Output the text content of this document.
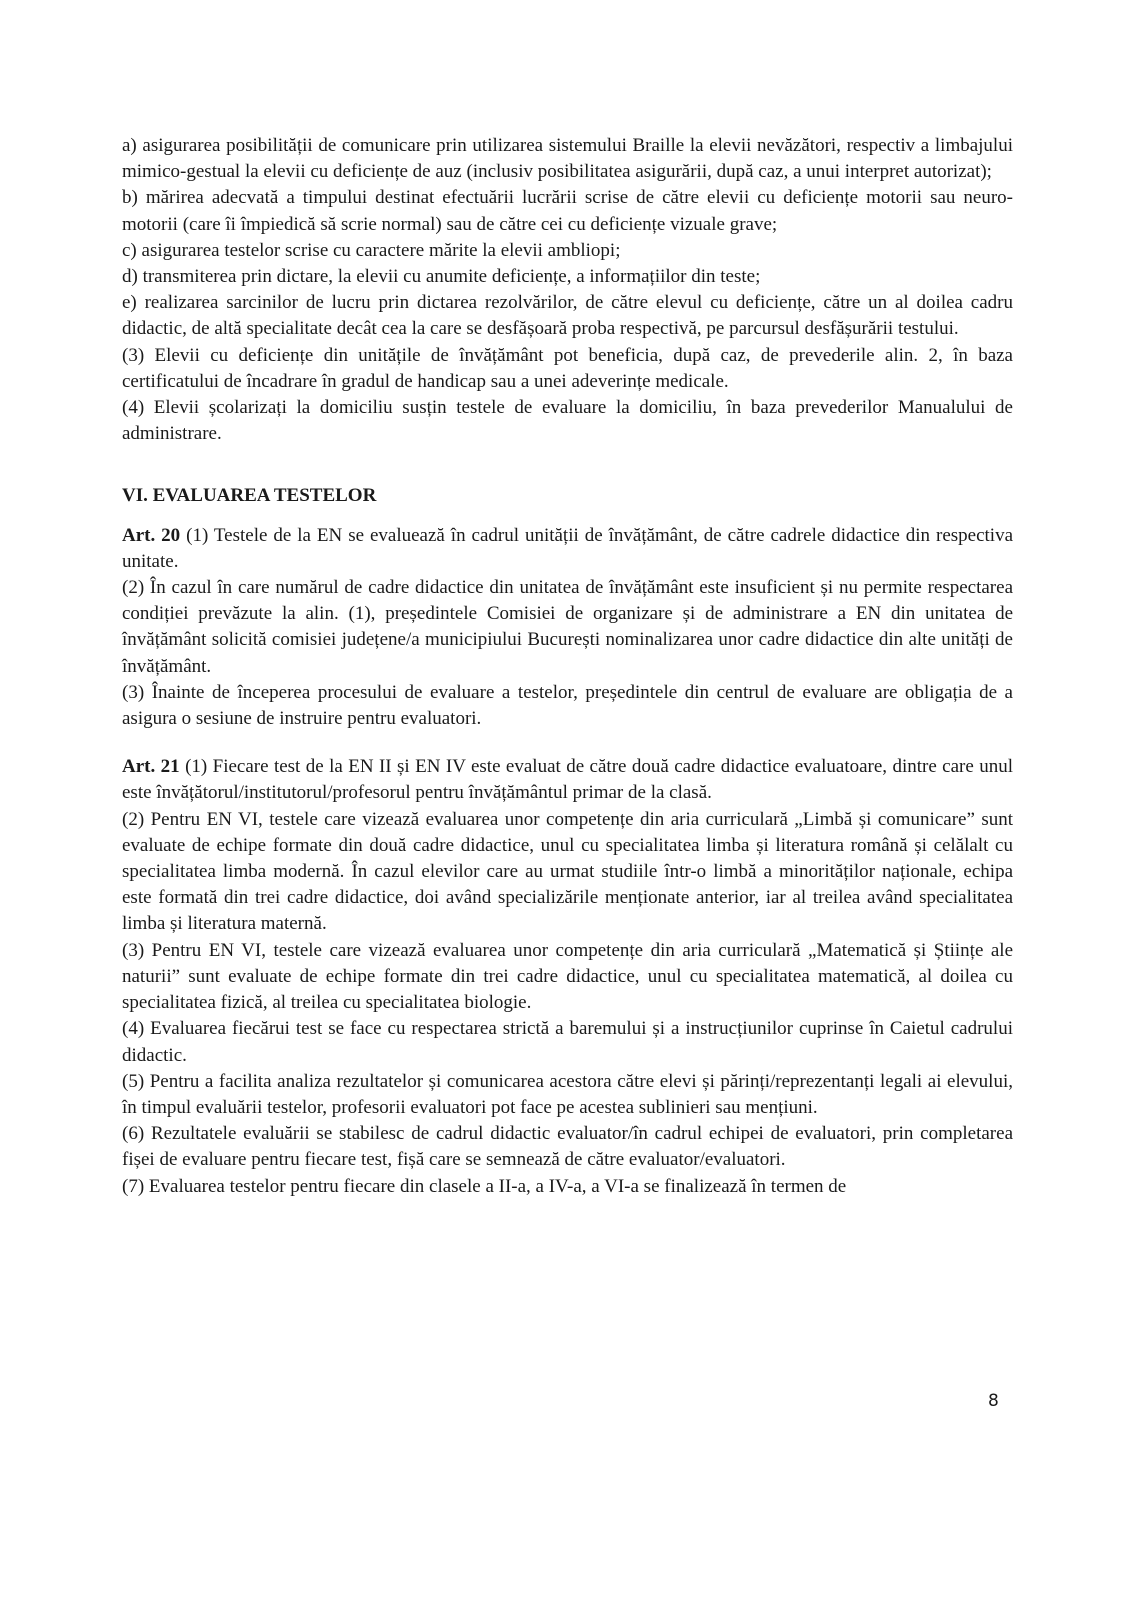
a) asigurarea posibilității de comunicare prin utilizarea sistemului Braille la elevii nevăzători, respectiv a limbajului mimico-gestual la elevii cu deficiențe de auz (inclusiv posibilitatea asigurării, după caz, a unui interpret autorizat);

b) mărirea adecvată a timpului destinat efectuării lucrării scrise de către elevii cu deficiențe motorii sau neuro-motorii (care îi împiedică să scrie normal) sau de către cei cu deficiențe vizuale grave;

c) asigurarea testelor scrise cu caractere mărite la elevii ambliopi;

d) transmiterea prin dictare, la elevii cu anumite deficiențe, a informațiilor din teste;

e) realizarea sarcinilor de lucru prin dictarea rezolvărilor, de către elevul cu deficiențe, către un al doilea cadru didactic, de altă specialitate decât cea la care se desfășoară proba respectivă, pe parcursul desfășurării testului.

(3) Elevii cu deficiențe din unitățile de învățământ pot beneficia, după caz, de prevederile alin. 2, în baza certificatului de încadrare în gradul de handicap sau a unei adeverințe medicale.

(4) Elevii școlarizați la domiciliu susțin testele de evaluare la domiciliu, în baza prevederilor Manualului de administrare.

VI. EVALUAREA TESTELOR

Art. 20 (1) Testele de la EN se evaluează în cadrul unității de învățământ, de către cadrele didactice din respectiva unitate.

(2) În cazul în care numărul de cadre didactice din unitatea de învățământ este insuficient și nu permite respectarea condiției prevăzute la alin. (1), președintele Comisiei de organizare și de administrare a EN din unitatea de învățământ solicită comisiei județene/a municipiului București nominalizarea unor cadre didactice din alte unități de învățământ.

(3) Înainte de începerea procesului de evaluare a testelor, președintele din centrul de evaluare are obligația de a asigura o sesiune de instruire pentru evaluatori.

Art. 21 (1) Fiecare test de la EN II și EN IV este evaluat de către două cadre didactice evaluatoare, dintre care unul este învățătorul/institutorul/profesorul pentru învățământul primar de la clasă.

(2) Pentru EN VI, testele care vizează evaluarea unor competențe din aria curriculară „Limbă și comunicare” sunt evaluate de echipe formate din două cadre didactice, unul cu specialitatea limba și literatura română și celălalt cu specialitatea limba modernă. În cazul elevilor care au urmat studiile într-o limbă a minorităților naționale, echipa este formată din trei cadre didactice, doi având specializările menționate anterior, iar al treilea având specialitatea limba și literatura maternă.

(3) Pentru EN VI, testele care vizează evaluarea unor competențe din aria curriculară „Matematică și Științe ale naturii” sunt evaluate de echipe formate din trei cadre didactice, unul cu specialitatea matematică, al doilea cu specialitatea fizică, al treilea cu specialitatea biologie.

(4) Evaluarea fiecărui test se face cu respectarea strictă a baremului și a instrucțiunilor cuprinse în Caietul cadrului didactic.

(5) Pentru a facilita analiza rezultatelor și comunicarea acestora către elevi și părinți/reprezentanți legali ai elevului, în timpul evaluării testelor, profesorii evaluatori pot face pe acestea sublinieri sau mențiuni.

(6) Rezultatele evaluării se stabilesc de cadrul didactic evaluator/în cadrul echipei de evaluatori, prin completarea fișei de evaluare pentru fiecare test, fișă care se semnează de către evaluator/evaluatori.

(7) Evaluarea testelor pentru fiecare din clasele a II-a, a IV-a, a VI-a se finalizează în termen de

8
